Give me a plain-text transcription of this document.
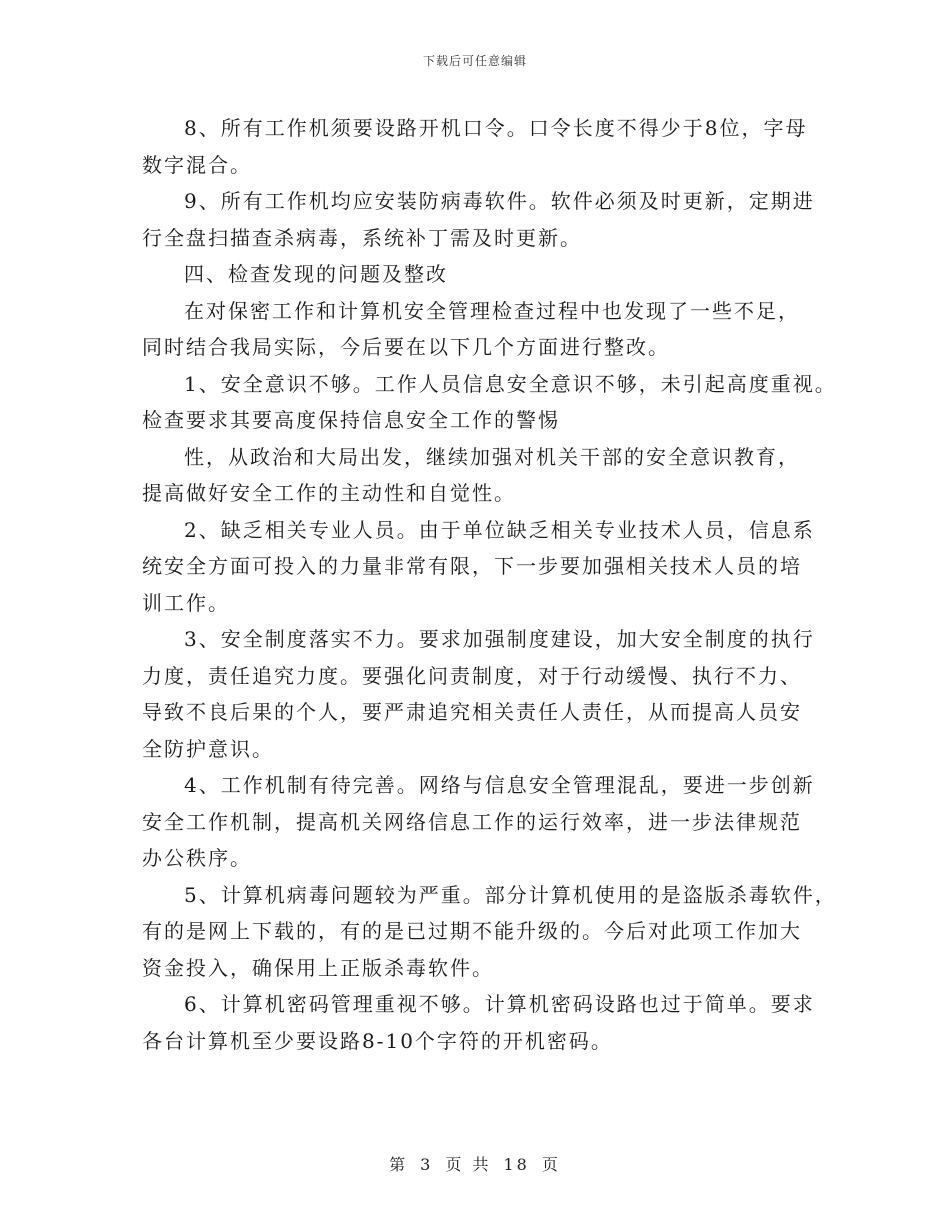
下载后可任意编辑
8、所有工作机须要设路开机口令。口令长度不得少于8位，字母
数字混合。
9、所有工作机均应安装防病毒软件。软件必须及时更新，定期进
行全盘扫描查杀病毒，系统补丁需及时更新。
四、检查发现的问题及整改
在对保密工作和计算机安全管理检查过程中也发现了一些不足，
同时结合我局实际，今后要在以下几个方面进行整改。
1、安全意识不够。工作人员信息安全意识不够，未引起高度重视。
检查要求其要高度保持信息安全工作的警惕
性，从政治和大局出发，继续加强对机关干部的安全意识教育，
提高做好安全工作的主动性和自觉性。
2、缺乏相关专业人员。由于单位缺乏相关专业技术人员，信息系
统安全方面可投入的力量非常有限，下一步要加强相关技术人员的培
训工作。
3、安全制度落实不力。要求加强制度建设，加大安全制度的执行
力度，责任追究力度。要强化问责制度，对于行动缓慢、执行不力、
导致不良后果的个人，要严肃追究相关责任人责任，从而提高人员安
全防护意识。
4、工作机制有待完善。网络与信息安全管理混乱，要进一步创新
安全工作机制，提高机关网络信息工作的运行效率，进一步法律规范
办公秩序。
5、计算机病毒问题较为严重。部分计算机使用的是盗版杀毒软件，
有的是网上下载的，有的是已过期不能升级的。今后对此项工作加大
资金投入，确保用上正版杀毒软件。
6、计算机密码管理重视不够。计算机密码设路也过于简单。要求
各台计算机至少要设路8-10个字符的开机密码。
第 3 页 共 18 页
